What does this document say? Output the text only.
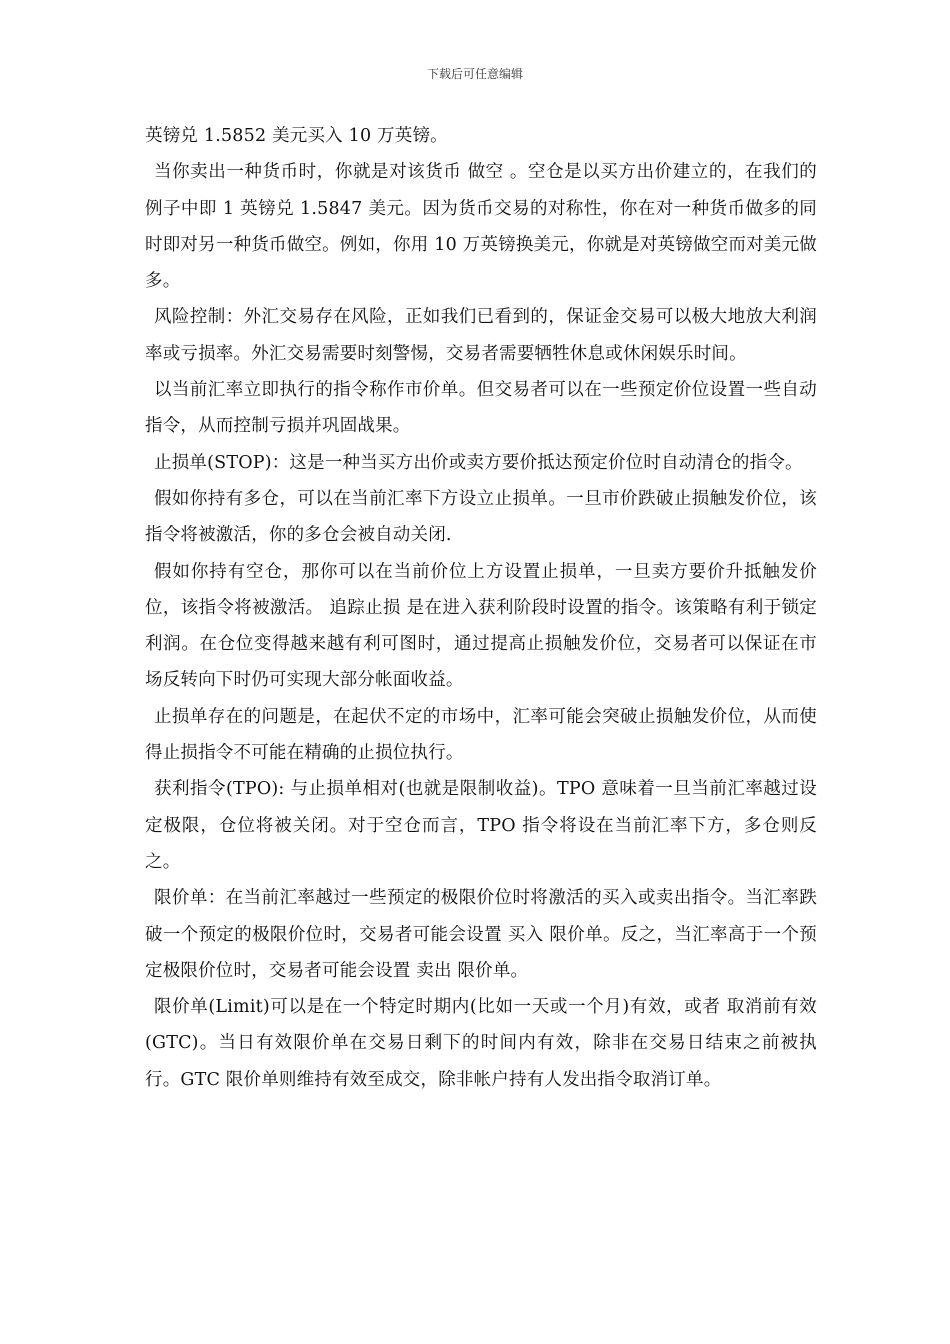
下载后可任意编辑

英镑兑 1.5852 美元买入 10 万英镑。

当你卖出一种货币时，你就是对该货币 做空 。空仓是以买方出价建立的，在我们的例子中即 1 英镑兑 1.5847 美元。因为货币交易的对称性，你在对一种货币做多的同时即对另一种货币做空。例如，你用 10 万英镑换美元，你就是对英镑做空而对美元做多。

风险控制：外汇交易存在风险，正如我们已看到的，保证金交易可以极大地放大利润率或亏损率。外汇交易需要时刻警惕，交易者需要牺牲休息或休闲娱乐时间。

以当前汇率立即执行的指令称作市价单。但交易者可以在一些预定价位设置一些自动指令，从而控制亏损并巩固战果。

止损单(STOP)：这是一种当买方出价或卖方要价抵达预定价位时自动清仓的指令。

假如你持有多仓，可以在当前汇率下方设立止损单。一旦市价跌破止损触发价位，该指令将被激活，你的多仓会被自动关闭.

假如你持有空仓，那你可以在当前价位上方设置止损单，一旦卖方要价升抵触发价位，该指令将被激活。 追踪止损 是在进入获利阶段时设置的指令。该策略有利于锁定利润。在仓位变得越来越有利可图时，通过提高止损触发价位，交易者可以保证在市场反转向下时仍可实现大部分帐面收益。

止损单存在的问题是，在起伏不定的市场中，汇率可能会突破止损触发价位，从而使得止损指令不可能在精确的止损位执行。

获利指令(TPO): 与止损单相对(也就是限制收益)。TPO 意味着一旦当前汇率越过设定极限，仓位将被关闭。对于空仓而言，TPO 指令将设在当前汇率下方，多仓则反之。

限价单：在当前汇率越过一些预定的极限价位时将激活的买入或卖出指令。当汇率跌破一个预定的极限价位时，交易者可能会设置 买入 限价单。反之，当汇率高于一个预定极限价位时，交易者可能会设置 卖出 限价单。

限价单(Limit)可以是在一个特定时期内(比如一天或一个月)有效，或者 取消前有效 (GTC)。当日有效限价单在交易日剩下的时间内有效，除非在交易日结束之前被执行。GTC 限价单则维持有效至成交，除非帐户持有人发出指令取消订单。
